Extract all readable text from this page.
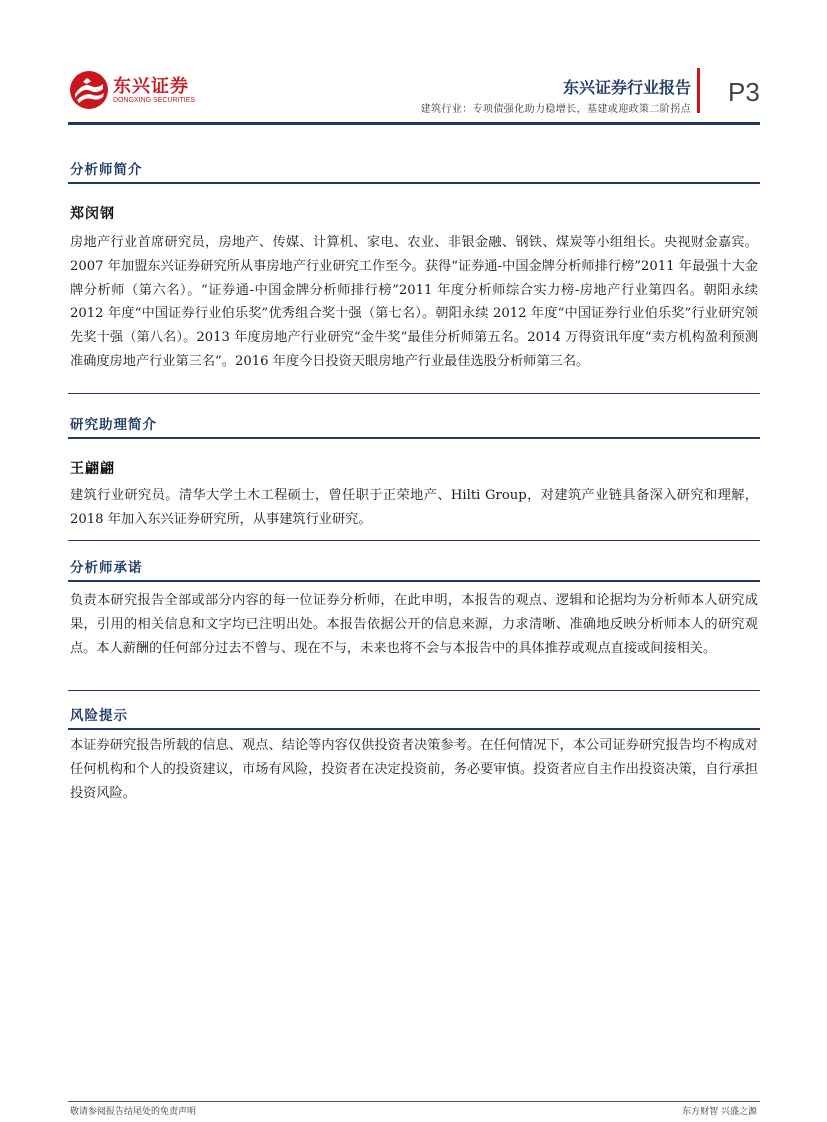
东兴证券
DONGXING SECURITIES
东兴证券行业报告
建筑行业：专项债强化助力稳增长，基建或迎政策二阶拐点
P3
分析师简介
郑闵钢
房地产行业首席研究员，房地产、传媒、计算机、家电、农业、非银金融、钢铁、煤炭等小组组长。央视财金嘉宾。2007 年加盟东兴证券研究所从事房地产行业研究工作至今。获得“证券通-中国金牌分析师排行榜”2011 年最强十大金牌分析师（第六名）。“证券通-中国金牌分析师排行榜”2011 年度分析师综合实力榜-房地产行业第四名。朝阳永续 2012 年度“中国证券行业伯乐奖”优秀组合奖十强（第七名）。朝阳永续 2012 年度“中国证券行业伯乐奖”行业研究领先奖十强（第八名）。2013 年度房地产行业研究“金牛奖”最佳分析师第五名。2014 万得资讯年度“卖方机构盈利预测准确度房地产行业第三名”。2016 年度今日投资天眼房地产行业最佳选股分析师第三名。
研究助理简介
王翩翩
建筑行业研究员。清华大学土木工程硕士，曾任职于正荣地产、Hilti Group，对建筑产业链具备深入研究和理解，2018 年加入东兴证券研究所，从事建筑行业研究。
分析师承诺
负责本研究报告全部或部分内容的每一位证券分析师，在此申明，本报告的观点、逻辑和论据均为分析师本人研究成果，引用的相关信息和文字均已注明出处。本报告依据公开的信息来源，力求清晰、准确地反映分析师本人的研究观点。本人薪酬的任何部分过去不曾与、现在不与，未来也将不会与本报告中的具体推荐或观点直接或间接相关。
风险提示
本证券研究报告所载的信息、观点、结论等内容仅供投资者决策参考。在任何情况下，本公司证券研究报告均不构成对任何机构和个人的投资建议，市场有风险，投资者在决定投资前，务必要审慎。投资者应自主作出投资决策，自行承担投资风险。
敬请参阅报告结尾处的免责声明	东方财智 兴盛之源
